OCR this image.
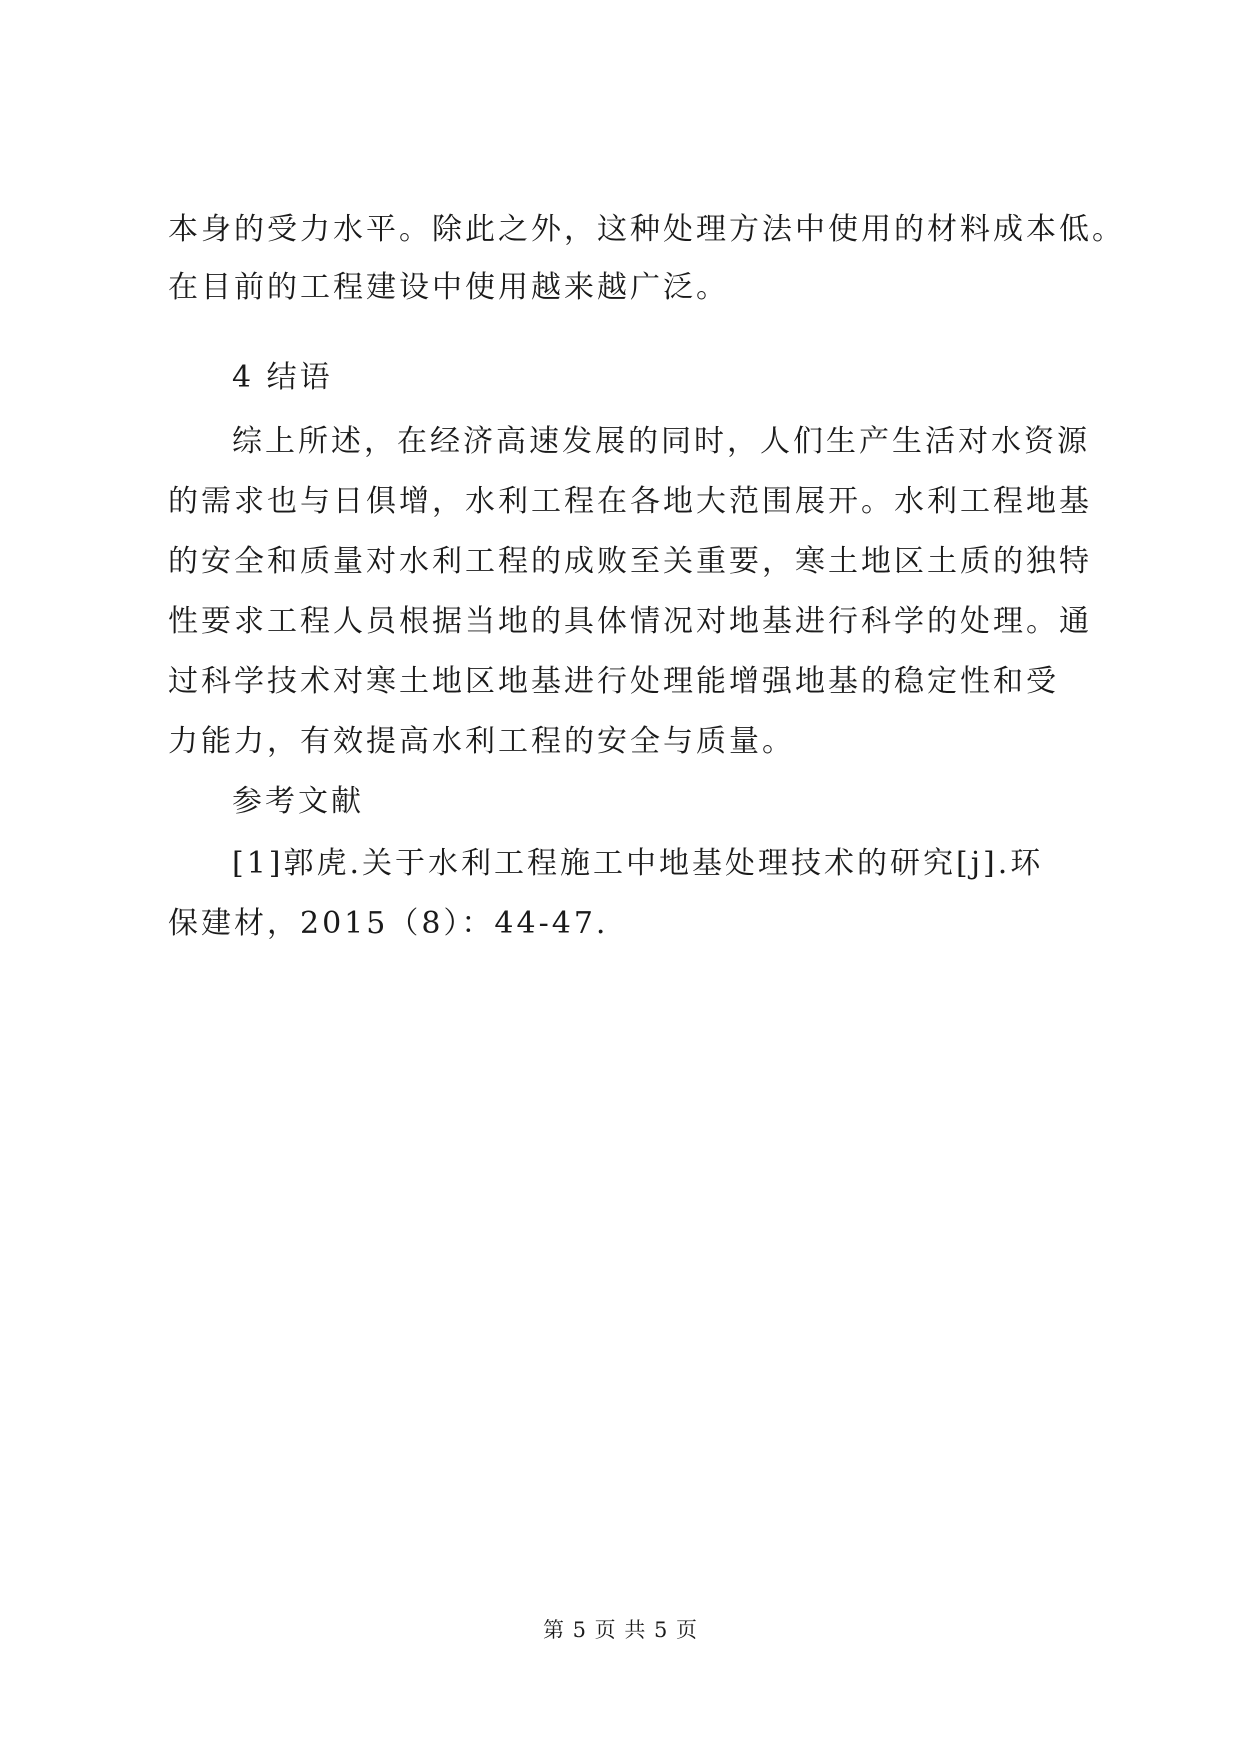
本身的受力水平。除此之外，这种处理方法中使用的材料成本低。
在目前的工程建设中使用越来越广泛。
4 结语
综上所述，在经济高速发展的同时，人们生产生活对水资源
的需求也与日俱增，水利工程在各地大范围展开。水利工程地基
的安全和质量对水利工程的成败至关重要，寒土地区土质的独特
性要求工程人员根据当地的具体情况对地基进行科学的处理。通
过科学技术对寒土地区地基进行处理能增强地基的稳定性和受
力能力，有效提高水利工程的安全与质量。
参考文献
[1]郭虎.关于水利工程施工中地基处理技术的研究[j].环
保建材，2015（8）：44-47.
第 5 页 共 5 页
